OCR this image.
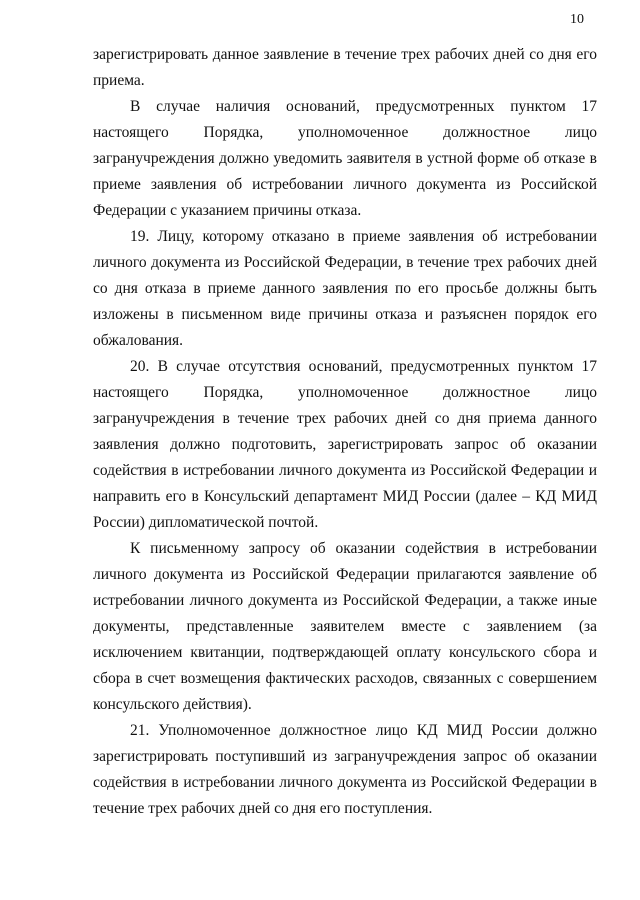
10

зарегистрировать данное заявление в течение трех рабочих дней со дня его приема.

В случае наличия оснований, предусмотренных пунктом 17 настоящего Порядка, уполномоченное должностное лицо загранучреждения должно уведомить заявителя в устной форме об отказе в приеме заявления об истребовании личного документа из Российской Федерации с указанием причины отказа.

19. Лицу, которому отказано в приеме заявления об истребовании личного документа из Российской Федерации, в течение трех рабочих дней со дня отказа в приеме данного заявления по его просьбе должны быть изложены в письменном виде причины отказа и разъяснен порядок его обжалования.

20. В случае отсутствия оснований, предусмотренных пунктом 17 настоящего Порядка, уполномоченное должностное лицо загранучреждения в течение трех рабочих дней со дня приема данного заявления должно подготовить, зарегистрировать запрос об оказании содействия в истребовании личного документа из Российской Федерации и направить его в Консульский департамент МИД России (далее – КД МИД России) дипломатической почтой.

К письменному запросу об оказании содействия в истребовании личного документа из Российской Федерации прилагаются заявление об истребовании личного документа из Российской Федерации, а также иные документы, представленные заявителем вместе с заявлением (за исключением квитанции, подтверждающей оплату консульского сбора и сбора в счет возмещения фактических расходов, связанных с совершением консульского действия).

21. Уполномоченное должностное лицо КД МИД России должно зарегистрировать поступивший из загранучреждения запрос об оказании содействия в истребовании личного документа из Российской Федерации в течение трех рабочих дней со дня его поступления.
